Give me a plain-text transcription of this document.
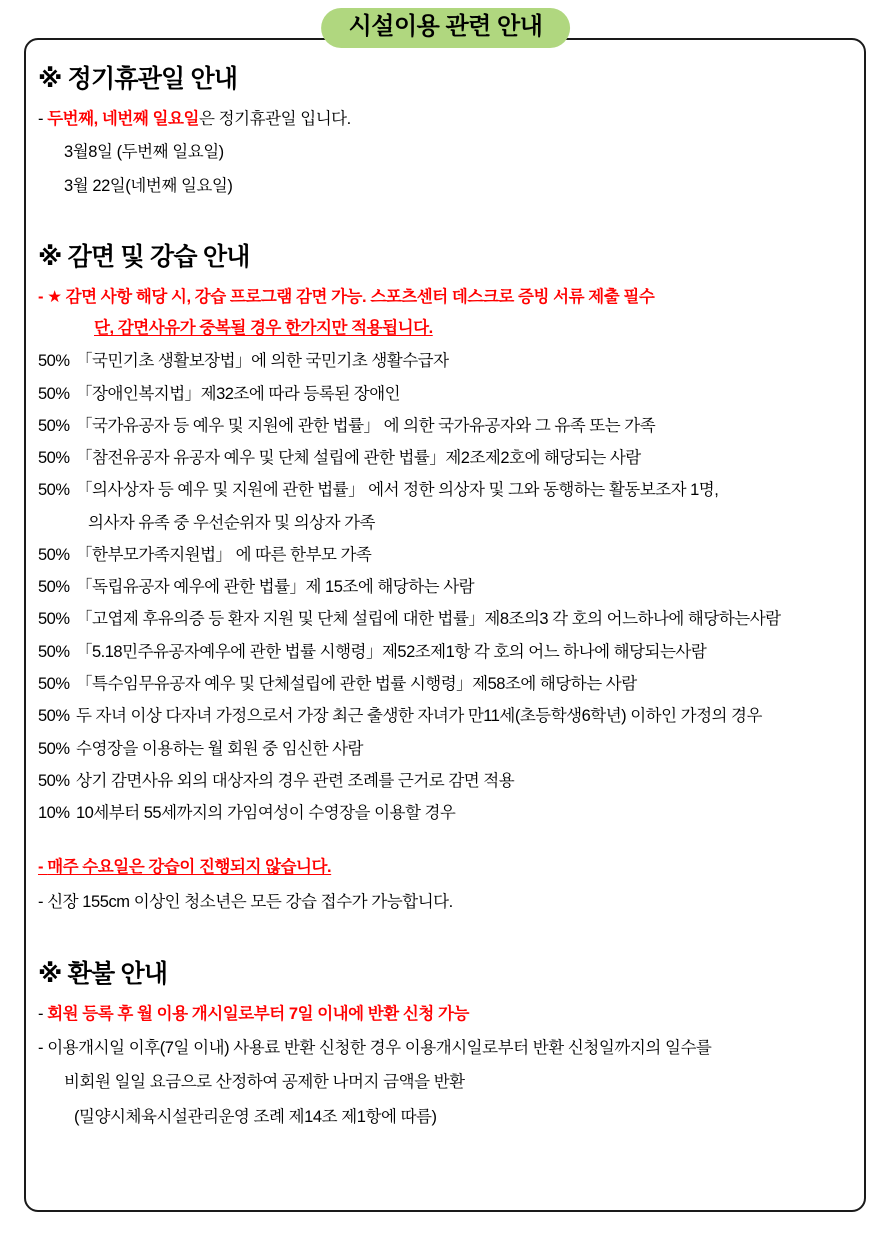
시설이용 관련 안내
※ 정기휴관일 안내

- 두번째, 네번째 일요일은 정기휴관일 입니다.

3월8일 (두번째 일요일)

3월 22일(네번째 일요일)

※ 감면 및 강습 안내

- ★ 감면 사항 해당 시, 강습 프로그램 감면 가능. 스포츠센터 데스크로 증빙 서류 제출 필수

단, 감면사유가 중복될 경우 한가지만 적용됩니다.

50% 「국민기초 생활보장법」에 의한 국민기초 생활수급자
50% 「장애인복지법」제32조에 따라 등록된 장애인
50% 「국가유공자 등 예우 및 지원에 관한 법률」 에 의한 국가유공자와 그 유족 또는 가족
50% 「참전유공자 유공자 예우 및 단체 설립에 관한 법률」제2조제2호에 해당되는 사람
50% 「의사상자 등 예우 및 지원에 관한 법률」 에서 정한 의상자 및 그와 동행하는 활동보조자 1명,
의사자 유족 중 우선순위자 및 의상자 가족
50% 「한부모가족지원법」 에 따른 한부모 가족
50% 「독립유공자 예우에 관한 법률」제 15조에 해당하는 사람
50% 「고엽제 후유의증 등 환자 지원 및 단체 설립에 대한 법률」제8조의3 각 호의 어느하나에 해당하는사람
50% 「5.18민주유공자예우에 관한 법률 시행령」제52조제1항 각 호의 어느 하나에 해당되는사람
50% 「특수임무유공자 예우 및 단체설립에 관한 법률 시행령」제58조에 해당하는 사람
50% 두 자녀 이상 다자녀 가정으로서 가장 최근 출생한 자녀가 만11세(초등학생6학년) 이하인 가정의 경우
50% 수영장을 이용하는 월 회원 중 임신한 사람
50% 상기 감면사유 외의 대상자의 경우 관련 조례를 근거로 감면 적용
10% 10세부터 55세까지의 가임여성이 수영장을 이용할 경우

- 매주 수요일은 강습이 진행되지 않습니다.

- 신장 155cm 이상인 청소년은 모든 강습 접수가 가능합니다.

※ 환불 안내

- 회원 등록 후 월 이용 개시일로부터 7일 이내에 반환 신청 가능

- 이용개시일 이후(7일 이내) 사용료 반환 신청한 경우 이용개시일로부터 반환 신청일까지의 일수를

비회원 일일 요금으로 산정하여 공제한 나머지 금액을 반환

(밀양시체육시설관리운영 조례 제14조 제1항에 따름)
